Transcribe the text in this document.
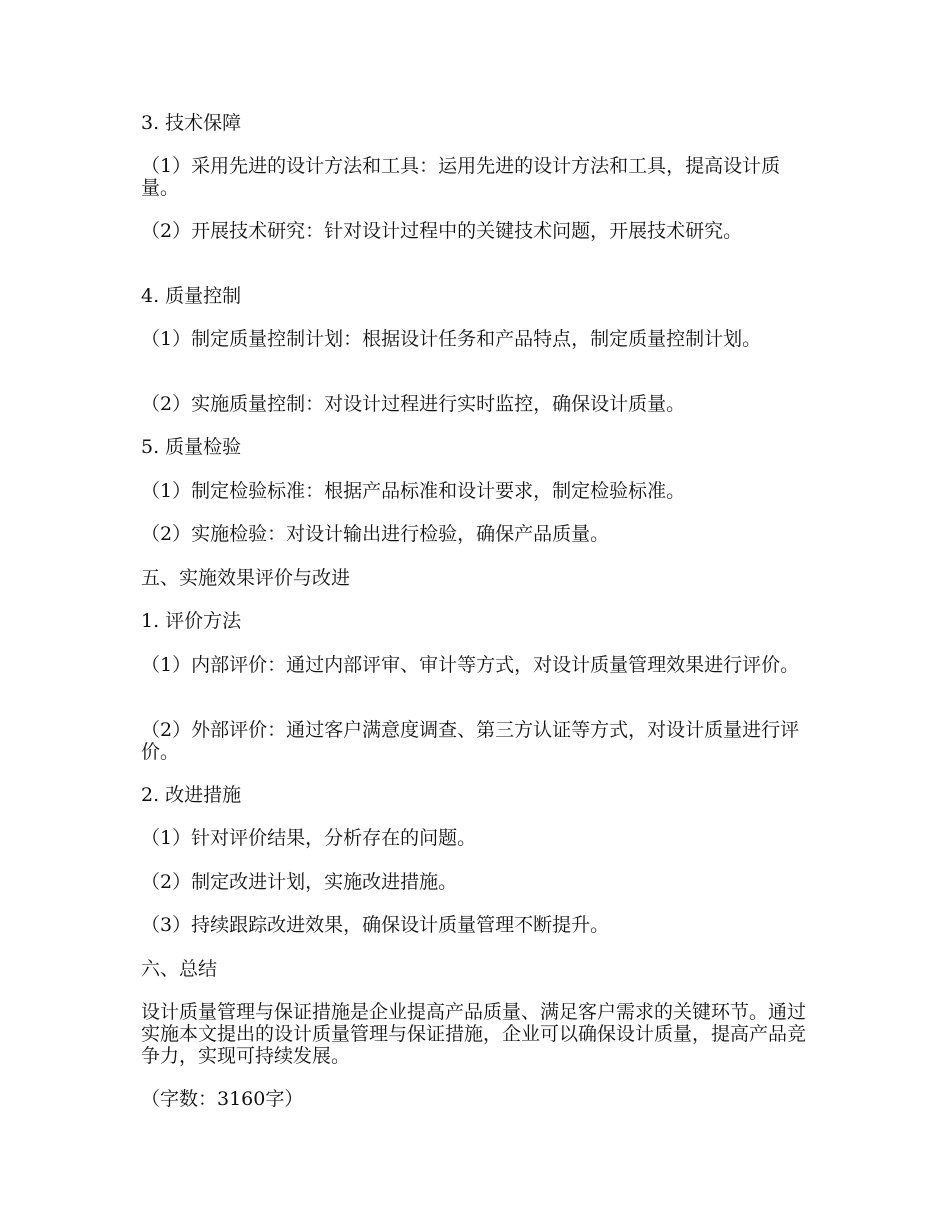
3. 技术保障

（1）采用先进的设计方法和工具：运用先进的设计方法和工具，提高设计质量。

（2）开展技术研究：针对设计过程中的关键技术问题，开展技术研究。

4. 质量控制

（1）制定质量控制计划：根据设计任务和产品特点，制定质量控制计划。

（2）实施质量控制：对设计过程进行实时监控，确保设计质量。

5. 质量检验

（1）制定检验标准：根据产品标准和设计要求，制定检验标准。

（2）实施检验：对设计输出进行检验，确保产品质量。

五、实施效果评价与改进

1. 评价方法

（1）内部评价：通过内部评审、审计等方式，对设计质量管理效果进行评价。

（2）外部评价：通过客户满意度调查、第三方认证等方式，对设计质量进行评价。

2. 改进措施

（1）针对评价结果，分析存在的问题。

（2）制定改进计划，实施改进措施。

（3）持续跟踪改进效果，确保设计质量管理不断提升。

六、总结

设计质量管理与保证措施是企业提高产品质量、满足客户需求的关键环节。通过实施本文提出的设计质量管理与保证措施，企业可以确保设计质量，提高产品竞争力，实现可持续发展。

（字数：3160字）
